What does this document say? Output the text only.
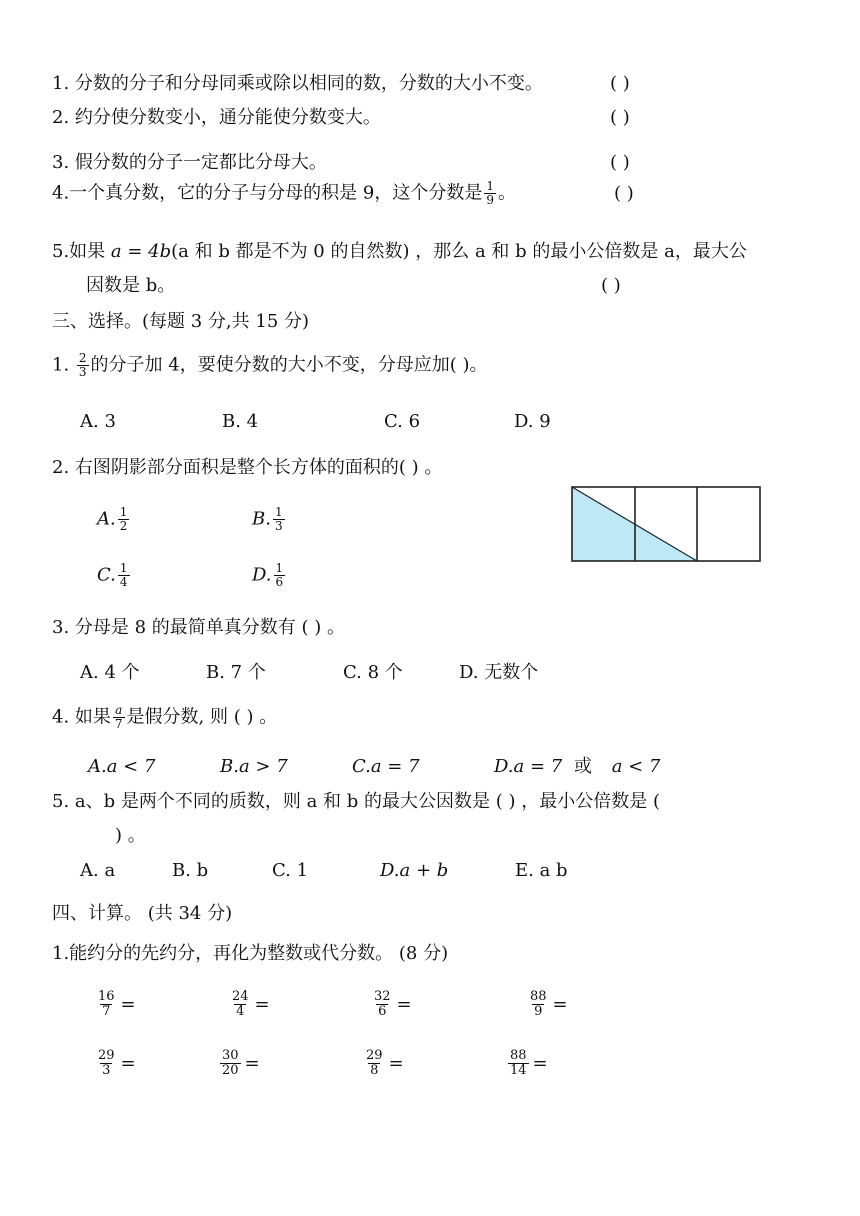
1. 分数的分子和分母同乘或除以相同的数，分数的大小不变。	( )
2. 约分使分数变小，通分能使分数变大。	( )
3. 假分数的分子一定都比分母大。	( )
4.一个真分数，它的分子与分母的积是 9，这个分数是 $\frac{1}{9}$ 。	( )
5.如果 a = 4b(a 和 b 都是不为 0 的自然数) ，那么 a 和 b 的最小公倍数是 a，最大公
因数是 b。	( )
三、选择。(每题 3 分,共 15 分)
1. $\frac{2}{3}$ 的分子加 4，要使分数的大小不变，分母应加( )。
A. 3	B. 4	C. 6	D. 9
2. 右图阴影部分面积是整个长方体的面积的( ) 。
A. $\frac{1}{2}$	B. $\frac{1}{3}$
C. $\frac{1}{4}$	D. $\frac{1}{6}$
3. 分母是 8 的最简单真分数有 ( ) 。
A. 4 个	B. 7 个	C. 8 个	D. 无数个
4. 如果 $\frac{a}{7}$ 是假分数, 则 ( ) 。
A.a < 7	B.a > 7	C.a = 7	D.a = 7 或 a < 7
5. a、b 是两个不同的质数，则 a 和 b 的最大公因数是 ( ) ，最小公倍数是 (
) 。
A. a	B. b	C. 1	D.a + b	E. a b
四、计算。 (共 34 分)
1.能约分的先约分，再化为整数或代分数。 (8 分)
$\frac{16}{7}$ =	$\frac{24}{4}$ =	$\frac{32}{6}$ =	$\frac{88}{9}$ =
$\frac{29}{3}$ =	$\frac{30}{20}$ =	$\frac{29}{8}$ =	$\frac{88}{14}$ =
